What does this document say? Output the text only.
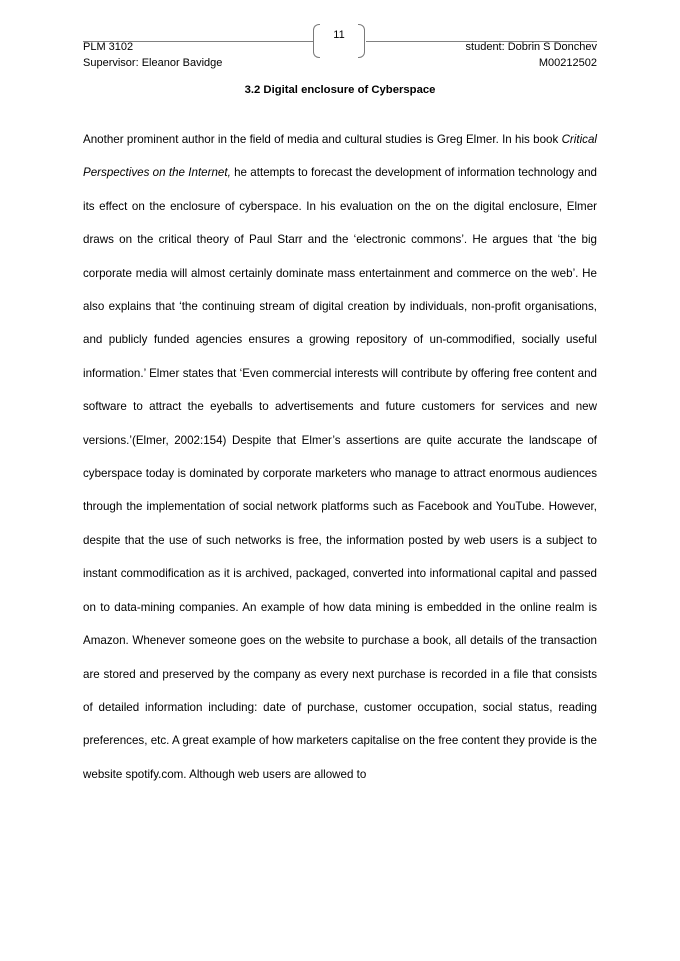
11
PLM 3102	student: Dobrin S Donchev
Supervisor: Eleanor Bavidge	M00212502
3.2 Digital enclosure of Cyberspace

Another prominent author in the field of media and cultural studies is Greg Elmer. In his book Critical Perspectives on the Internet, he attempts to forecast the development of information technology and its effect on the enclosure of cyberspace. In his evaluation on the on the digital enclosure, Elmer draws on the critical theory of Paul Starr and the ‘electronic commons’. He argues that ‘the big corporate media will almost certainly dominate mass entertainment and commerce on the web’. He also explains that ‘the continuing stream of digital creation by individuals, non-profit organisations, and publicly funded agencies ensures a growing repository of un-commodified, socially useful information.’ Elmer states that ‘Even commercial interests will contribute by offering free content and software to attract the eyeballs to advertisements and future customers for services and new versions.’(Elmer, 2002:154) Despite that Elmer’s assertions are quite accurate the landscape of cyberspace today is dominated by corporate marketers who manage to attract enormous audiences through the implementation of social network platforms such as Facebook and YouTube. However, despite that the use of such networks is free, the information posted by web users is a subject to instant commodification as it is archived, packaged, converted into informational capital and passed on to data-mining companies. An example of how data mining is embedded in the online realm is Amazon. Whenever someone goes on the website to purchase a book, all details of the transaction are stored and preserved by the company as every next purchase is recorded in a file that consists of detailed information including: date of purchase, customer occupation, social status, reading preferences, etc. A great example of how marketers capitalise on the free content they provide is the website spotify.com. Although web users are allowed to
